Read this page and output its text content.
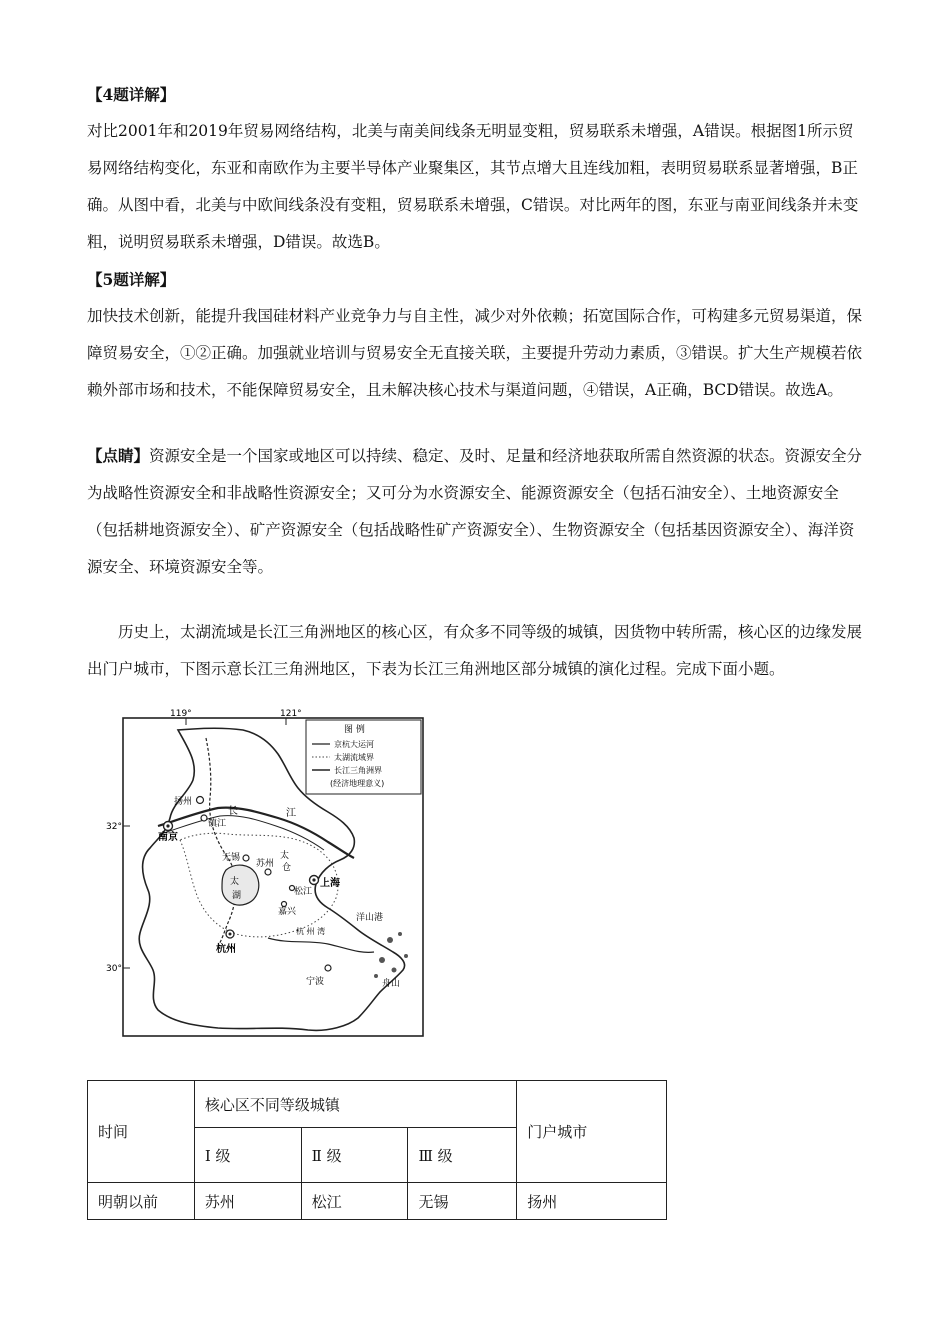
【4题详解】

对比2001年和2019年贸易网络结构，北美与南美间线条无明显变粗，贸易联系未增强，A错误。根据图1所示贸易网络结构变化，东亚和南欧作为主要半导体产业聚集区，其节点增大且连线加粗，表明贸易联系显著增强，B正确。从图中看，北美与中欧间线条没有变粗，贸易联系未增强，C错误。对比两年的图，东亚与南亚间线条并未变粗，说明贸易联系未增强，D错误。故选B。

【5题详解】

加快技术创新，能提升我国硅材料产业竞争力与自主性，减少对外依赖；拓宽国际合作，可构建多元贸易渠道，保障贸易安全，①②正确。加强就业培训与贸易安全无直接关联，主要提升劳动力素质，③错误。扩大生产规模若依赖外部市场和技术，不能保障贸易安全，且未解决核心技术与渠道问题，④错误，A正确，BCD错误。故选A。

【点睛】资源安全是一个国家或地区可以持续、稳定、及时、足量和经济地获取所需自然资源的状态。资源安全分为战略性资源安全和非战略性资源安全；又可分为水资源安全、能源资源安全（包括石油安全）、土地资源安全（包括耕地资源安全）、矿产资源安全（包括战略性矿产资源安全）、生物资源安全（包括基因资源安全）、海洋资源安全、环境资源安全等。

历史上，太湖流域是长江三角洲地区的核心区，有众多不同等级的城镇，因货物中转所需，核心区的边缘发展出门户城市，下图示意长江三角洲地区，下表为长江三角洲地区部分城镇的演化过程。完成下面小题。

119°	121°
32°
30°
图 例
京杭大运河
太湖流域界
长江三角洲界
(经济地理意义)
扬州
南京
镇江
长	江
无锡
苏州
太
湖
太
仓
松江
上海
嘉兴
杭州
杭 州 湾
洋山港
宁波	舟山
时间	核心区不同等级城镇			门户城市
	Ⅰ 级	Ⅱ 级	Ⅲ 级	
明朝以前	苏州	松江	无锡	扬州
